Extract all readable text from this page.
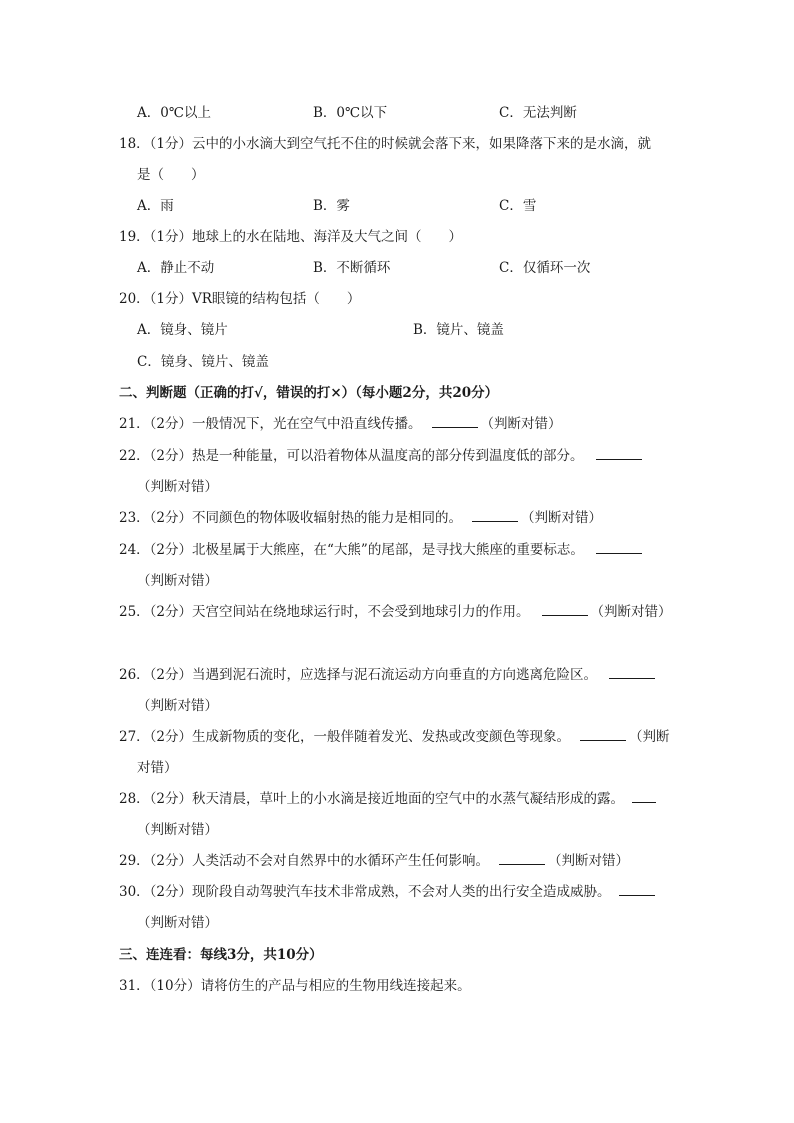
A．0℃以上	B．0℃以下	C．无法判断
18．（1分）云中的小水滴大到空气托不住的时候就会落下来，如果降落下来的是水滴，就
是（　　）
A．雨	B．雾	C．雪
19．（1分）地球上的水在陆地、海洋及大气之间（　　）
A．静止不动	B．不断循环	C．仅循环一次
20．（1分）VR眼镜的结构包括（　　）
A．镜身、镜片	B．镜片、镜盖
C．镜身、镜片、镜盖
二、判断题（正确的打√，错误的打×）（每小题2分，共20分）
21．（2分）一般情况下，光在空气中沿直线传播。	（判断对错）
22．（2分）热是一种能量，可以沿着物体从温度高的部分传到温度低的部分。
（判断对错）
23．（2分）不同颜色的物体吸收辐射热的能力是相同的。	（判断对错）
24．（2分）北极星属于大熊座，在“大熊”的尾部，是寻找大熊座的重要标志。
（判断对错）
25．（2分）天宫空间站在绕地球运行时，不会受到地球引力的作用。	（判断对错）
26．（2分）当遇到泥石流时，应选择与泥石流运动方向垂直的方向逃离危险区。
（判断对错）
27．（2分）生成新物质的变化，一般伴随着发光、发热或改变颜色等现象。	（判断
对错）
28．（2分）秋天清晨，草叶上的小水滴是接近地面的空气中的水蒸气凝结形成的露。
（判断对错）
29．（2分）人类活动不会对自然界中的水循环产生任何影响。	（判断对错）
30．（2分）现阶段自动驾驶汽车技术非常成熟，不会对人类的出行安全造成威胁。
（判断对错）
三、连连看：每线3分，共10分）
31．（10分）请将仿生的产品与相应的生物用线连接起来。
